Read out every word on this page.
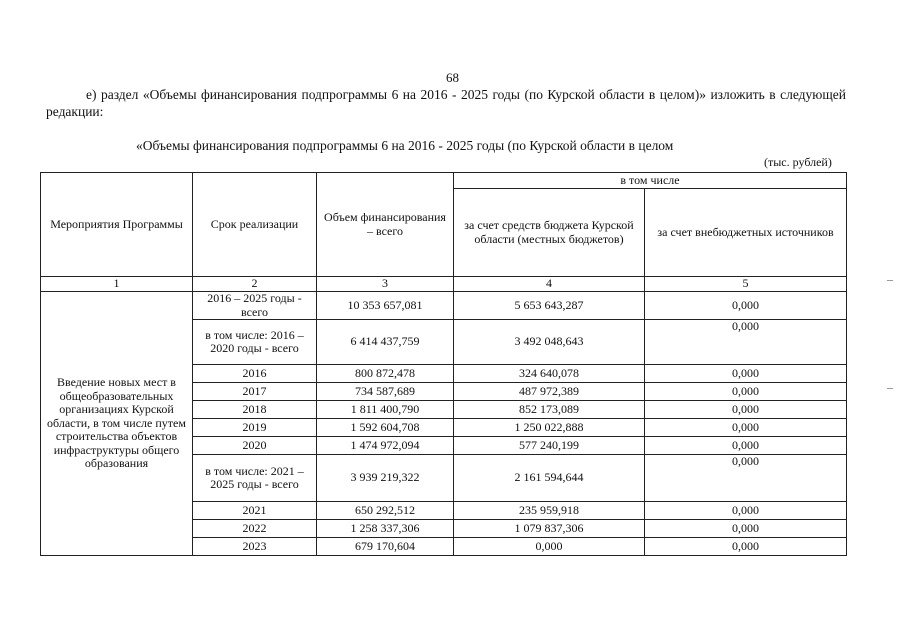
68
е) раздел «Объемы финансирования подпрограммы 6 на 2016 - 2025 годы (по Курской области в целом)» изложить в следующей редакции:
«Объемы финансирования подпрограммы 6 на 2016 - 2025 годы (по Курской области в целом
(тыс. рублей)
–
–
Мероприятия Программы	Срок реализации	Объем финансирования – всего	в том числе	
			за счет средств бюджета Курской области (местных бюджетов)	за счет внебюджетных источников
1	2	3	4	5
Введение новых мест в общеобразовательных организациях Курской области, в том числе путем строительства объектов инфраструктуры общего образования	2016 – 2025 годы - всего	10 353 657,081	5 653 643,287	0,000
	в том числе: 2016 – 2020 годы - всего	6 414 437,759	3 492 048,643	0,000
	2016	800 872,478	324 640,078	0,000
	2017	734 587,689	487 972,389	0,000
	2018	1 811 400,790	852 173,089	0,000
	2019	1 592 604,708	1 250 022,888	0,000
	2020	1 474 972,094	577 240,199	0,000
	в том числе: 2021 – 2025 годы - всего	3 939 219,322	2 161 594,644	0,000
	2021	650 292,512	235 959,918	0,000
	2022	1 258 337,306	1 079 837,306	0,000
	2023	679 170,604	0,000	0,000
